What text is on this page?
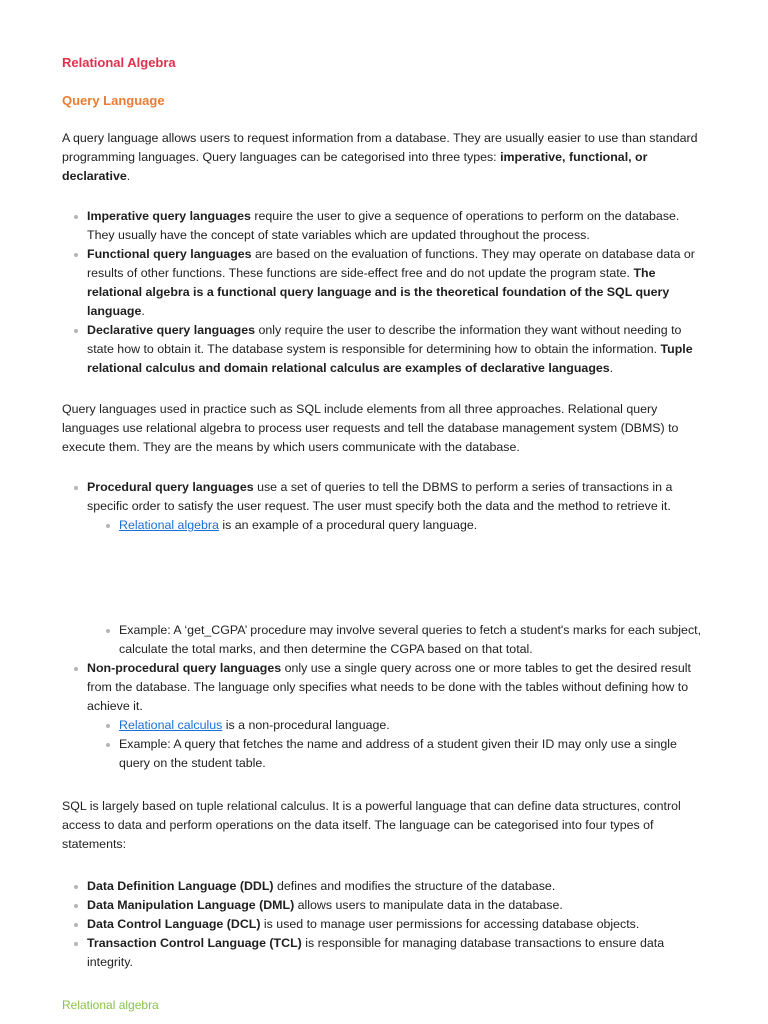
Relational Algebra
Query Language

A query language allows users to request information from a database. They are usually easier to use than standard programming languages. Query languages can be categorised into three types: imperative, functional, or declarative.

Imperative query languages require the user to give a sequence of operations to perform on the database. They usually have the concept of state variables which are updated throughout the process.
Functional query languages are based on the evaluation of functions. They may operate on database data or results of other functions. These functions are side-effect free and do not update the program state. The relational algebra is a functional query language and is the theoretical foundation of the SQL query language.
Declarative query languages only require the user to describe the information they want without needing to state how to obtain it. The database system is responsible for determining how to obtain the information. Tuple relational calculus and domain relational calculus are examples of declarative languages.

Query languages used in practice such as SQL include elements from all three approaches. Relational query languages use relational algebra to process user requests and tell the database management system (DBMS) to execute them. They are the means by which users communicate with the database.

Procedural query languages use a set of queries to tell the DBMS to perform a series of transactions in a specific order to satisfy the user request. The user must specify both the data and the method to retrieve it.
Relational algebra is an example of a procedural query language.
Example: A ‘get_CGPA’ procedure may involve several queries to fetch a student's marks for each subject, calculate the total marks, and then determine the CGPA based on that total.
Non-procedural query languages only use a single query across one or more tables to get the desired result from the database. The language only specifies what needs to be done with the tables without defining how to achieve it.
Relational calculus is a non-procedural language.
Example: A query that fetches the name and address of a student given their ID may only use a single query on the student table.

SQL is largely based on tuple relational calculus. It is a powerful language that can define data structures, control access to data and perform operations on the data itself. The language can be categorised into four types of statements:

Data Definition Language (DDL) defines and modifies the structure of the database.
Data Manipulation Language (DML) allows users to manipulate data in the database.
Data Control Language (DCL) is used to manage user permissions for accessing database objects.
Transaction Control Language (TCL) is responsible for managing database transactions to ensure data integrity.
Relational algebra
